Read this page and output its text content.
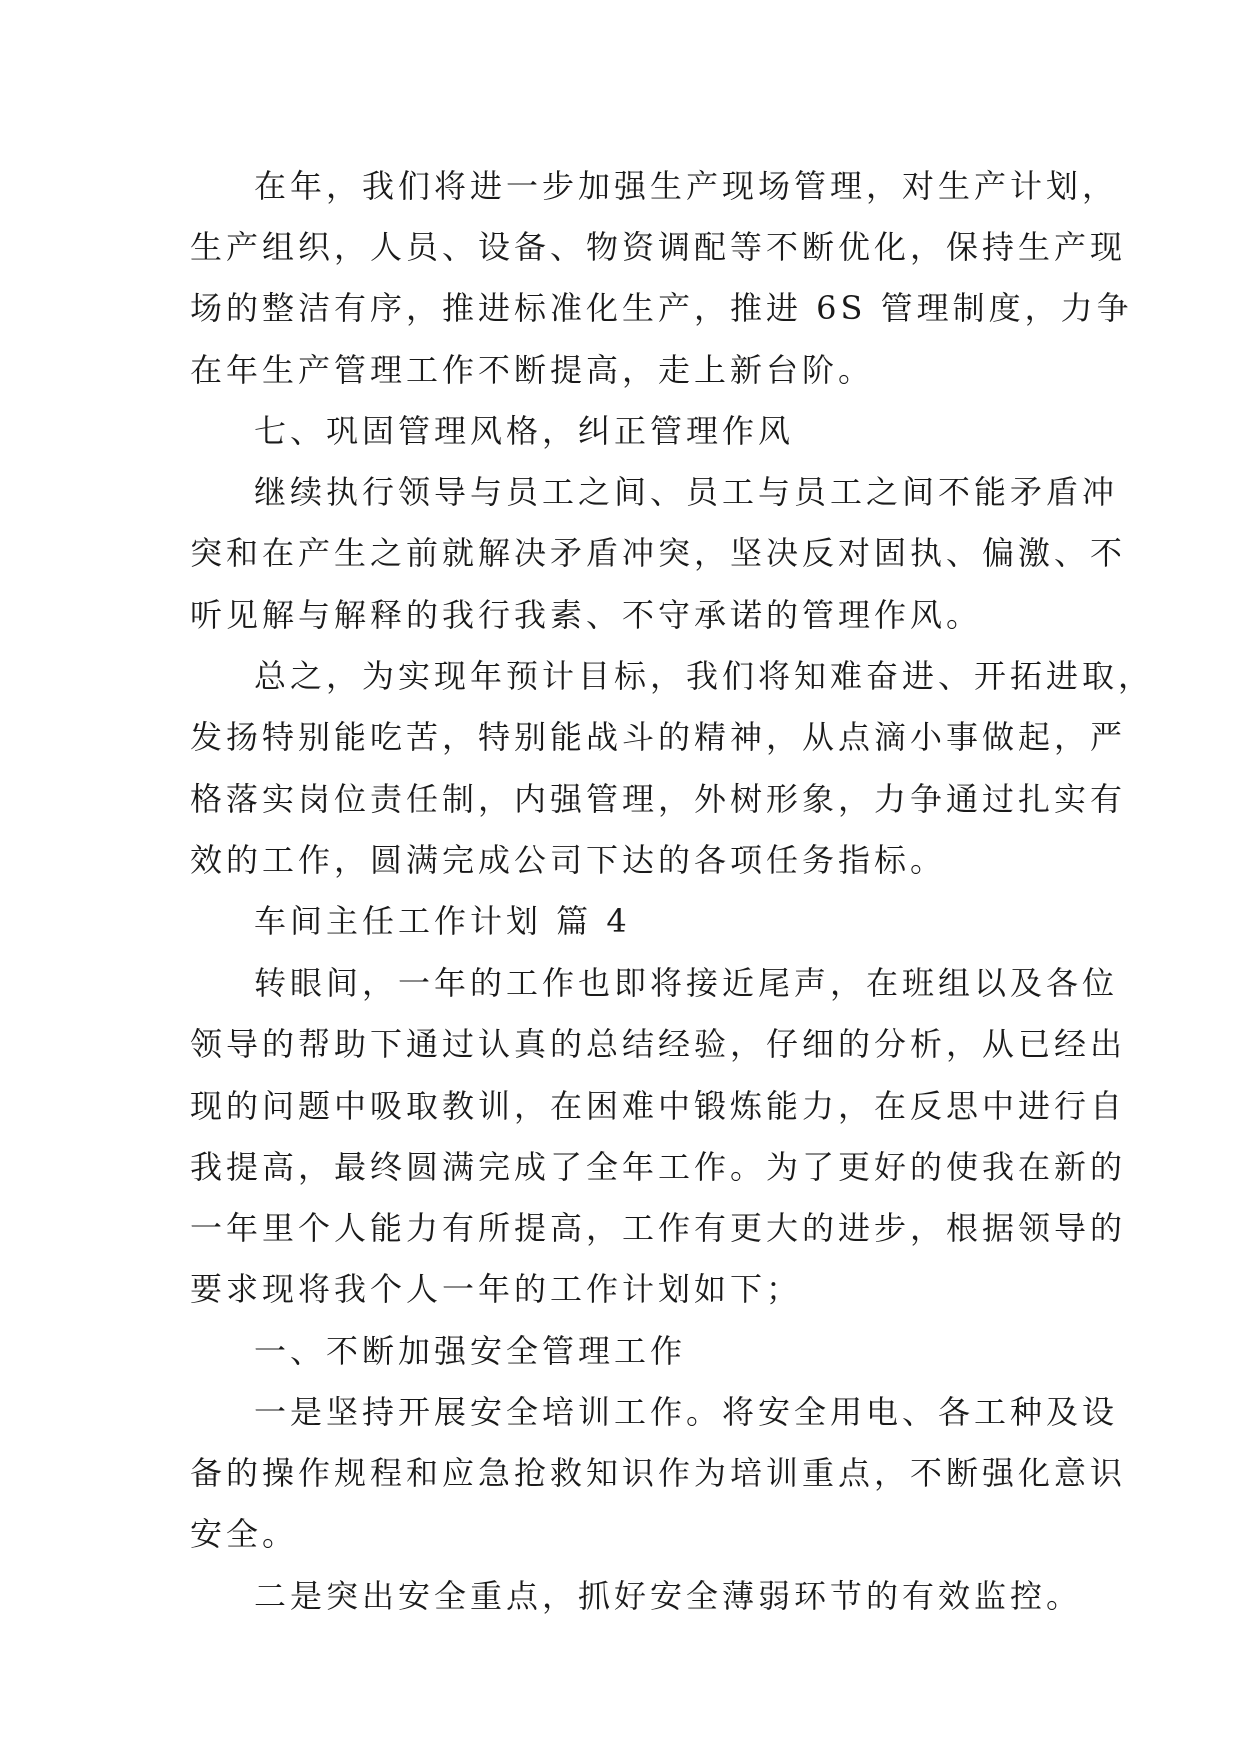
在年，我们将进一步加强生产现场管理，对生产计划，
生产组织，人员、设备、物资调配等不断优化，保持生产现
场的整洁有序，推进标准化生产，推进 6S 管理制度，力争
在年生产管理工作不断提高，走上新台阶。
七、巩固管理风格，纠正管理作风
继续执行领导与员工之间、员工与员工之间不能矛盾冲
突和在产生之前就解决矛盾冲突，坚决反对固执、偏激、不
听见解与解释的我行我素、不守承诺的管理作风。
总之，为实现年预计目标，我们将知难奋进、开拓进取，
发扬特别能吃苦，特别能战斗的精神，从点滴小事做起，严
格落实岗位责任制，内强管理，外树形象，力争通过扎实有
效的工作，圆满完成公司下达的各项任务指标。
车间主任工作计划 篇 4
转眼间，一年的工作也即将接近尾声，在班组以及各位
领导的帮助下通过认真的总结经验，仔细的分析，从已经出
现的问题中吸取教训，在困难中锻炼能力，在反思中进行自
我提高，最终圆满完成了全年工作。为了更好的使我在新的
一年里个人能力有所提高，工作有更大的进步，根据领导的
要求现将我个人一年的工作计划如下；
一、不断加强安全管理工作
一是坚持开展安全培训工作。将安全用电、各工种及设
备的操作规程和应急抢救知识作为培训重点，不断强化意识
安全。
二是突出安全重点，抓好安全薄弱环节的有效监控。
